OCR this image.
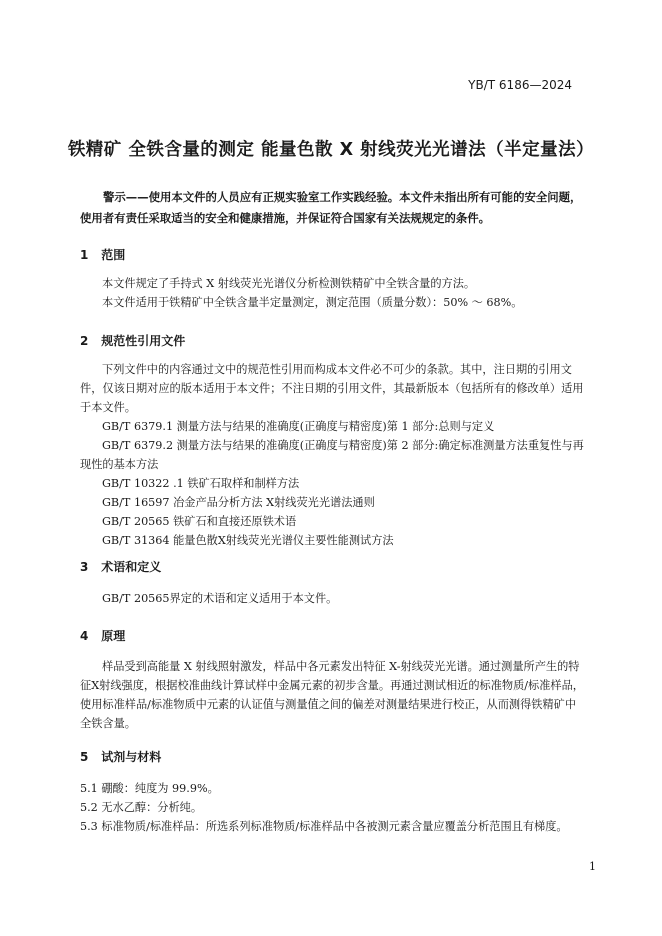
YB/T 6186—2024
铁精矿 全铁含量的测定 能量色散 X 射线荧光光谱法（半定量法）
警示——使用本文件的人员应有正规实验室工作实践经验。本文件未指出所有可能的安全问题，使用者有责任采取适当的安全和健康措施，并保证符合国家有关法规规定的条件。
1 范围

本文件规定了手持式 X 射线荧光光谱仪分析检测铁精矿中全铁含量的方法。

本文件适用于铁精矿中全铁含量半定量测定，测定范围（质量分数）：50% ～ 68%。

2 规范性引用文件

下列文件中的内容通过文中的规范性引用而构成本文件必不可少的条款。其中，注日期的引用文件，仅该日期对应的版本适用于本文件；不注日期的引用文件，其最新版本（包括所有的修改单）适用于本文件。

GB/T 6379.1 测量方法与结果的准确度(正确度与精密度)第 1 部分:总则与定义

GB/T 6379.2 测量方法与结果的准确度(正确度与精密度)第 2 部分:确定标准测量方法重复性与再现性的基本方法

GB/T 10322 .1 铁矿石取样和制样方法

GB/T 16597 冶金产品分析方法 X射线荧光光谱法通则

GB/T 20565 铁矿石和直接还原铁术语

GB/T 31364 能量色散X射线荧光光谱仪主要性能测试方法

3 术语和定义

GB/T 20565界定的术语和定义适用于本文件。

4 原理

样品受到高能量 X 射线照射激发，样品中各元素发出特征 X-射线荧光光谱。通过测量所产生的特征X射线强度，根据校准曲线计算试样中金属元素的初步含量。再通过测试相近的标准物质/标准样品，使用标准样品/标准物质中元素的认证值与测量值之间的偏差对测量结果进行校正，从而测得铁精矿中全铁含量。

5 试剂与材料

5.1 硼酸：纯度为 99.9%。

5.2 无水乙醇：分析纯。

5.3 标准物质/标准样品：所选系列标准物质/标准样品中各被测元素含量应覆盖分析范围且有梯度。

1
